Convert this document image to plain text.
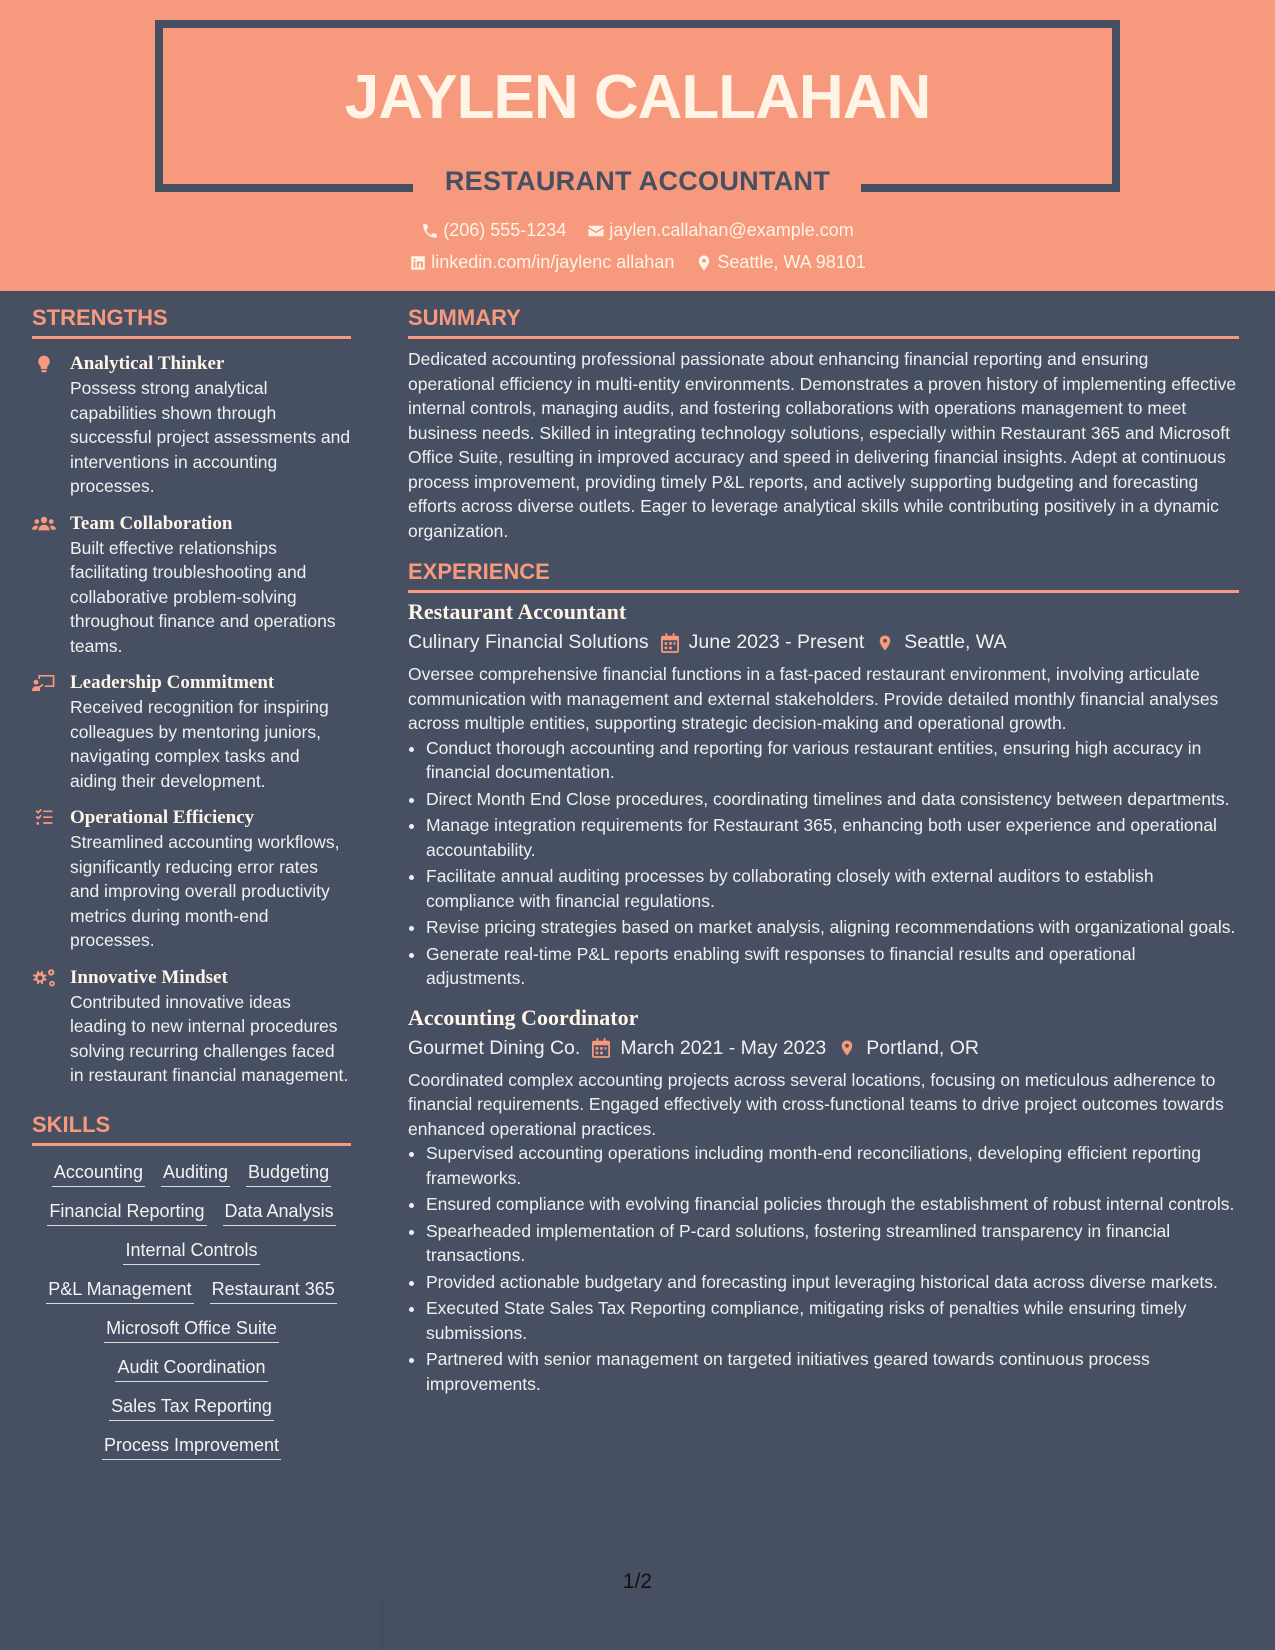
JAYLEN CALLAHAN
RESTAURANT ACCOUNTANT
(206) 555-1234
jaylen.callahan@example.com
linkedin.com/in/jaylenc allahan
Seattle, WA 98101
STRENGTHS
Analytical Thinker
Possess strong analytical capabilities shown through successful project assessments and interventions in accounting processes.
Team Collaboration
Built effective relationships facilitating troubleshooting and collaborative problem-solving throughout finance and operations teams.
Leadership Commitment
Received recognition for inspiring colleagues by mentoring juniors, navigating complex tasks and aiding their development.
Operational Efficiency
Streamlined accounting workflows, significantly reducing error rates and improving overall productivity metrics during month-end processes.
Innovative Mindset
Contributed innovative ideas leading to new internal procedures solving recurring challenges faced in restaurant financial management.
SKILLS
Accounting Auditing Budgeting
Financial Reporting Data Analysis
Internal Controls
P&L Management Restaurant 365
Microsoft Office Suite
Audit Coordination
Sales Tax Reporting
Process Improvement
SUMMARY
Dedicated accounting professional passionate about enhancing financial reporting and ensuring operational efficiency in multi-entity environments. Demonstrates a proven history of implementing effective internal controls, managing audits, and fostering collaborations with operations management to meet business needs. Skilled in integrating technology solutions, especially within Restaurant 365 and Microsoft Office Suite, resulting in improved accuracy and speed in delivering financial insights. Adept at continuous process improvement, providing timely P&L reports, and actively supporting budgeting and forecasting efforts across diverse outlets. Eager to leverage analytical skills while contributing positively in a dynamic organization.
EXPERIENCE
Restaurant Accountant
Culinary Financial Solutions June 2023 - Present Seattle, WA
Oversee comprehensive financial functions in a fast-paced restaurant environment, involving articulate communication with management and external stakeholders. Provide detailed monthly financial analyses across multiple entities, supporting strategic decision-making and operational growth.
• Conduct thorough accounting and reporting for various restaurant entities, ensuring high accuracy in financial documentation.
• Direct Month End Close procedures, coordinating timelines and data consistency between departments.
• Manage integration requirements for Restaurant 365, enhancing both user experience and operational accountability.
• Facilitate annual auditing processes by collaborating closely with external auditors to establish compliance with financial regulations.
• Revise pricing strategies based on market analysis, aligning recommendations with organizational goals.
• Generate real-time P&L reports enabling swift responses to financial results and operational adjustments.
Accounting Coordinator
Gourmet Dining Co. March 2021 - May 2023 Portland, OR
Coordinated complex accounting projects across several locations, focusing on meticulous adherence to financial requirements. Engaged effectively with cross-functional teams to drive project outcomes towards enhanced operational practices.
• Supervised accounting operations including month-end reconciliations, developing efficient reporting frameworks.
• Ensured compliance with evolving financial policies through the establishment of robust internal controls.
• Spearheaded implementation of P-card solutions, fostering streamlined transparency in financial transactions.
• Provided actionable budgetary and forecasting input leveraging historical data across diverse markets.
• Executed State Sales Tax Reporting compliance, mitigating risks of penalties while ensuring timely submissions.
• Partnered with senior management on targeted initiatives geared towards continuous process improvements.
1/2
